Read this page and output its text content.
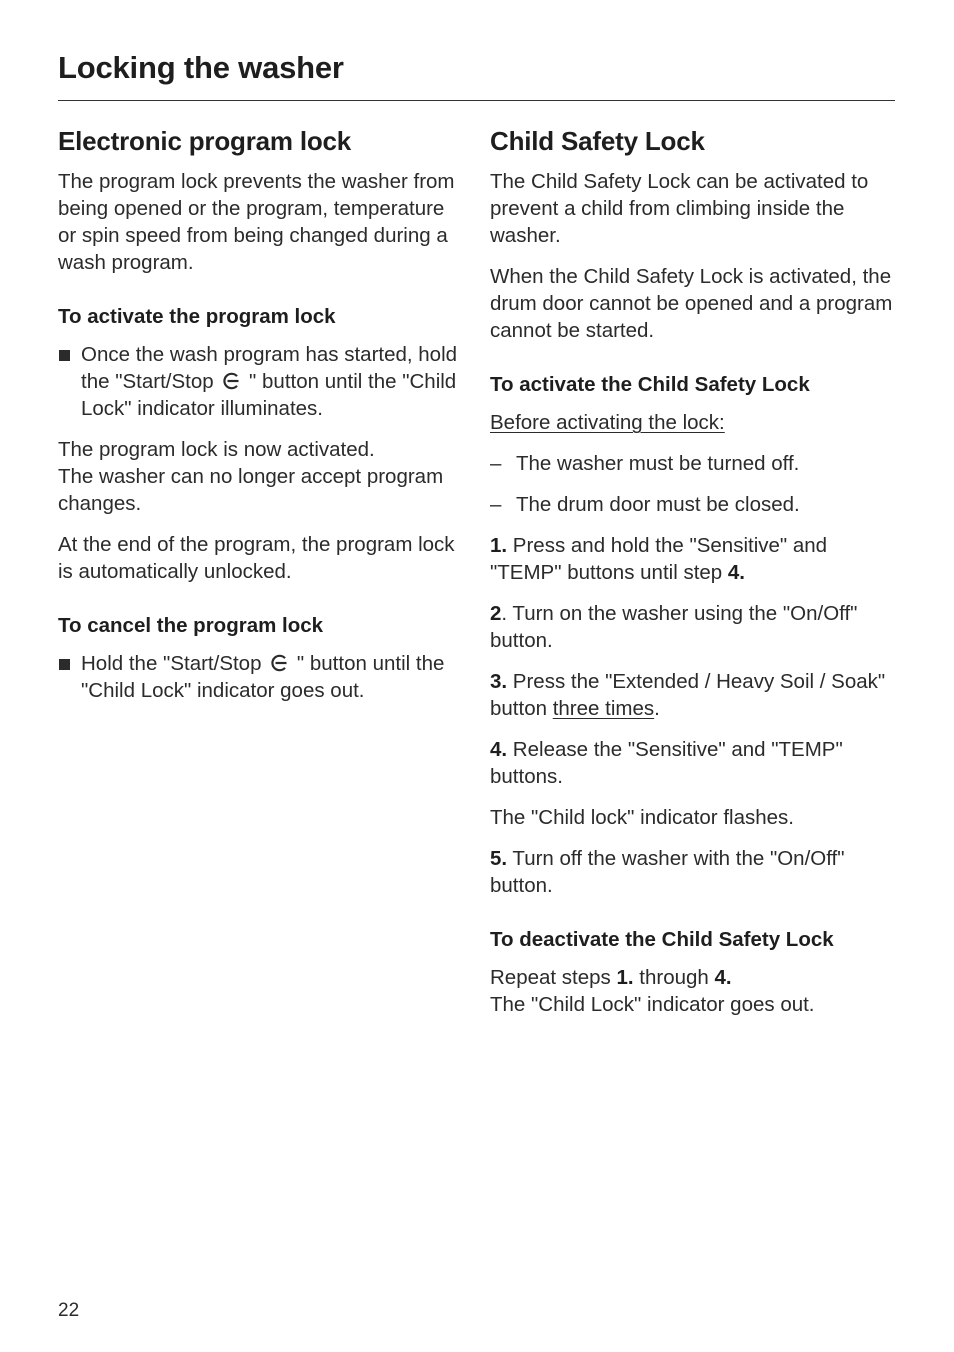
Locking the washer
Electronic program lock

The program lock prevents the washer from being opened or the program, temperature or spin speed from being changed during a wash program.

To activate the program lock

Once the wash program has started, hold the "Start/Stop " button until the "Child Lock" indicator illuminates.

The program lock is now activated.
The washer can no longer accept program changes.

At the end of the program, the program lock is automatically unlocked.

To cancel the program lock

Hold the "Start/Stop " button until the "Child Lock" indicator goes out.

Child Safety Lock

The Child Safety Lock can be activated to prevent a child from climbing inside the washer.

When the Child Safety Lock is activated, the drum door cannot be opened and a program cannot be started.

To activate the Child Safety Lock

Before activating the lock:

– The washer must be turned off.

– The drum door must be closed.

1. Press and hold the "Sensitive" and "TEMP" buttons until step 4.

2. Turn on the washer using the "On/Off" button.

3. Press the "Extended / Heavy Soil / Soak" button three times.

4. Release the "Sensitive" and "TEMP" buttons.

The "Child lock" indicator flashes.

5. Turn off the washer with the "On/Off" button.

To deactivate the Child Safety Lock

Repeat steps 1. through 4.
The "Child Lock" indicator goes out.

22
